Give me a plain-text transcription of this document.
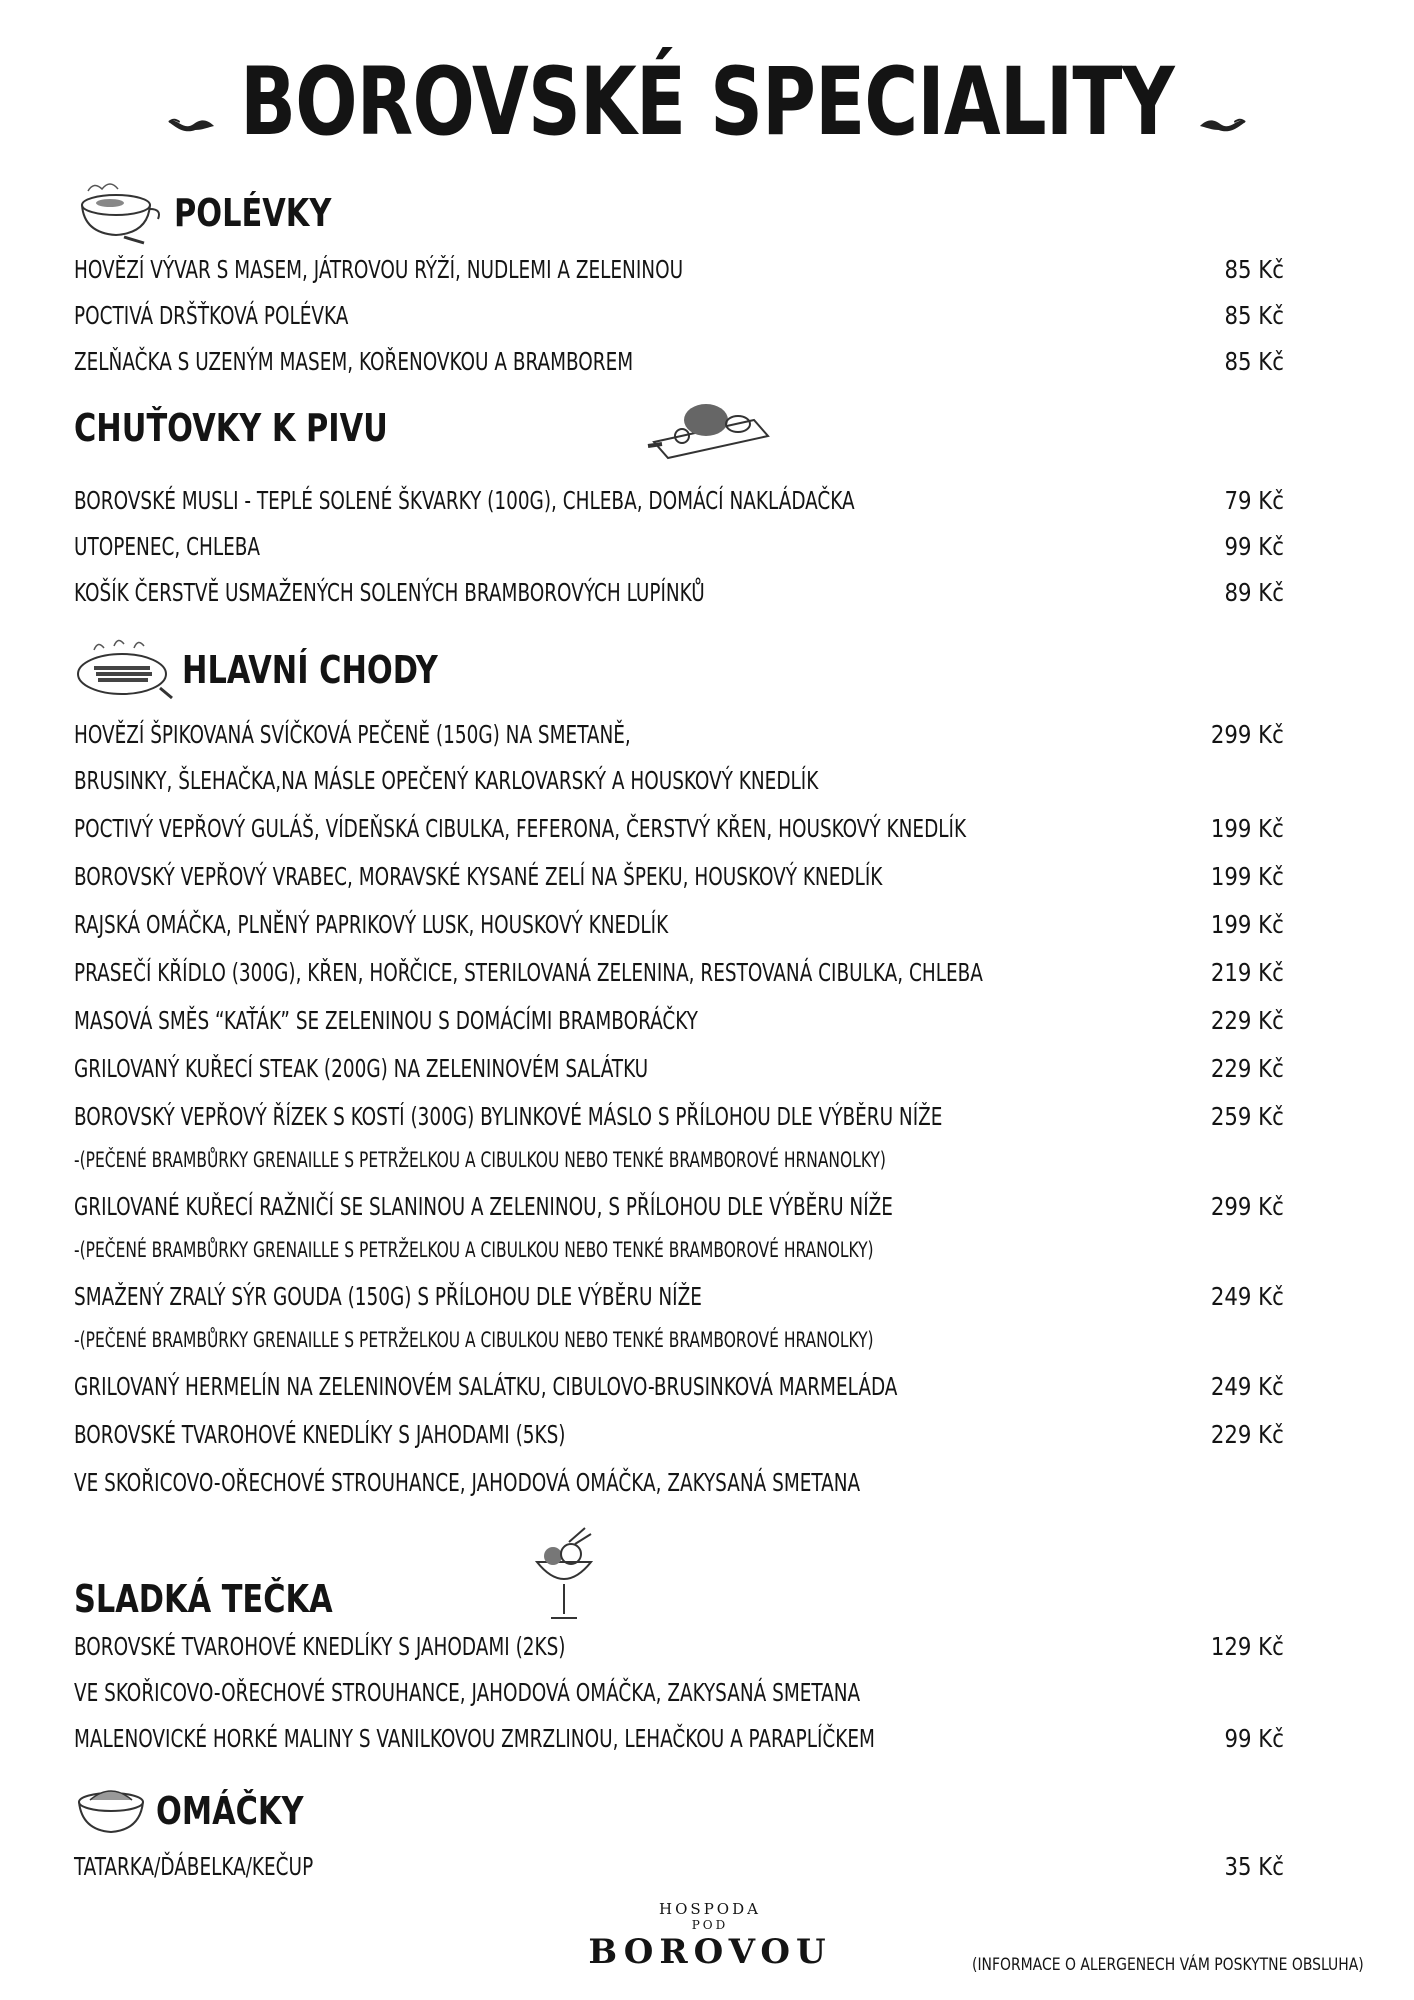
BOROVSKÉ SPECIALITY
POLÉVKY
HOVĚZÍ VÝVAR S MASEM, JÁTROVOU RÝŽÍ, NUDLEMI A ZELENINOU	85 Kč
POCTIVÁ DRŠŤKOVÁ POLÉVKA	85 Kč
ZELŇAČKA S UZENÝM MASEM, KOŘENOVKOU A BRAMBOREM	85 Kč
CHUŤOVKY K PIVU
BOROVSKÉ MUSLI - TEPLÉ SOLENÉ ŠKVARKY (100G), CHLEBA, DOMÁCÍ NAKLÁDAČKA	79 Kč
UTOPENEC, CHLEBA	99 Kč
KOŠÍK ČERSTVĚ USMAŽENÝCH SOLENÝCH BRAMBOROVÝCH LUPÍNKŮ	89 Kč
HLAVNÍ CHODY
HOVĚZÍ ŠPIKOVANÁ SVÍČKOVÁ PEČENĚ (150G) NA SMETANĚ,	299 Kč
BRUSINKY, ŠLEHAČKA,NA MÁSLE OPEČENÝ KARLOVARSKÝ A HOUSKOVÝ KNEDLÍK
POCTIVÝ VEPŘOVÝ GULÁŠ, VÍDEŇSKÁ CIBULKA, FEFERONA, ČERSTVÝ KŘEN, HOUSKOVÝ KNEDLÍK	199 Kč
BOROVSKÝ VEPŘOVÝ VRABEC, MORAVSKÉ KYSANÉ ZELÍ NA ŠPEKU, HOUSKOVÝ KNEDLÍK	199 Kč
RAJSKÁ OMÁČKA, PLNĚNÝ PAPRIKOVÝ LUSK, HOUSKOVÝ KNEDLÍK	199 Kč
PRASEČÍ KŘÍDLO (300G), KŘEN, HOŘČICE, STERILOVANÁ ZELENINA, RESTOVANÁ CIBULKA, CHLEBA	219 Kč
MASOVÁ SMĚS “KAŤÁK” SE ZELENINOU S DOMÁCÍMI BRAMBORÁČKY	229 Kč
GRILOVANÝ KUŘECÍ STEAK (200G) NA ZELENINOVÉM SALÁTKU	229 Kč
BOROVSKÝ VEPŘOVÝ ŘÍZEK S KOSTÍ (300G) BYLINKOVÉ MÁSLO S PŘÍLOHOU DLE VÝBĚRU NÍŽE	259 Kč
-(PEČENÉ BRAMBŮRKY GRENAILLE S PETRŽELKOU A CIBULKOU NEBO TENKÉ BRAMBOROVÉ HRNANOLKY)
GRILOVANÉ KUŘECÍ RAŽNIČÍ SE SLANINOU A ZELENINOU, S PŘÍLOHOU DLE VÝBĚRU NÍŽE	299 Kč
-(PEČENÉ BRAMBŮRKY GRENAILLE S PETRŽELKOU A CIBULKOU NEBO TENKÉ BRAMBOROVÉ HRANOLKY)
SMAŽENÝ ZRALÝ SÝR GOUDA (150G) S PŘÍLOHOU DLE VÝBĚRU NÍŽE	249 Kč
-(PEČENÉ BRAMBŮRKY GRENAILLE S PETRŽELKOU A CIBULKOU NEBO TENKÉ BRAMBOROVÉ HRANOLKY)
GRILOVANÝ HERMELÍN NA ZELENINOVÉM SALÁTKU, CIBULOVO-BRUSINKOVÁ MARMELÁDA	249 Kč
BOROVSKÉ TVAROHOVÉ KNEDLÍKY S JAHODAMI (5KS)	229 Kč
VE SKOŘICOVO-OŘECHOVÉ STROUHANCE, JAHODOVÁ OMÁČKA, ZAKYSANÁ SMETANA
SLADKÁ TEČKA
BOROVSKÉ TVAROHOVÉ KNEDLÍKY S JAHODAMI (2KS)	129 Kč
VE SKOŘICOVO-OŘECHOVÉ STROUHANCE, JAHODOVÁ OMÁČKA, ZAKYSANÁ SMETANA
MALENOVICKÉ HORKÉ MALINY S VANILKOVOU ZMRZLINOU, LEHAČKOU A PARAPLÍČKEM	99 Kč
OMÁČKY
TATARKA/ĎÁBELKA/KEČUP	35 Kč
HOSPODA
POD
BOROVOU	(INFORMACE O ALERGENECH VÁM POSKYTNE OBSLUHA)
